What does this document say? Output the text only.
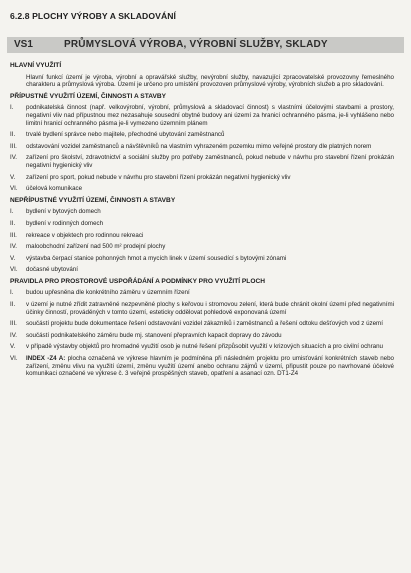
6.2.8 PLOCHY VÝROBY A SKLADOVÁNÍ
VS1	PRŮMYSLOVÁ VÝROBA, VÝROBNÍ SLUŽBY, SKLADY
HLAVNÍ VYUŽITÍ
Hlavní funkcí území je výroba, výrobní a opravářské služby, nevýrobní služby, navazující zpracovatelské provozovny řemeslného charakteru a průmyslová výroba. Území je určeno pro umístění provozoven průmyslové výroby, výrobních služeb a pro skladování.
PŘÍPUSTNÉ VYUŽITÍ ÚZEMÍ, ČINNOSTI A STAVBY
I.	podnikatelská činnost (např. velkovýrobní, výrobní, průmyslová a skladovací činnost) s vlastními účelovými stavbami a prostory, negativní vliv nad přípustnou mez nezasahuje sousední obytné budovy ani území za hranicí ochranného pásma, je-li vyhlášeno nebo limitní hranicí ochranného pásma je-li vymezeno územním plánem
II.	trvalé bydlení správce nebo majitele, přechodné ubytování zaměstnanců
III.	odstavování vozidel zaměstnanců a návštěvníků na vlastním vyhrazeném pozemku mimo veřejné prostory dle platných norem
IV.	zařízení pro školství, zdravotnictví a sociální služby pro potřeby zaměstnanců, pokud nebude v návrhu pro stavební řízení prokázán negativní hygienický vliv
V.	zařízení pro sport, pokud nebude v návrhu pro stavební řízení prokázán negativní hygienický vliv
VI.	účelová komunikace
NEPŘÍPUSTNÉ VYUŽITÍ ÚZEMÍ, ČINNOSTI A STAVBY
I.	bydlení v bytových domech
II.	bydlení v rodinných domech
III.	rekreace v objektech pro rodinnou rekreaci
IV.	maloobchodní zařízení nad 500 m² prodejní plochy
V.	výstavba čerpací stanice pohonných hmot a mycích linek v území sousedící s bytovými zónami
VI.	dočasné ubytování
PRAVIDLA PRO PROSTOROVÉ USPOŘÁDÁNÍ A PODMÍNKY PRO VYUŽITÍ PLOCH
I.	budou upřesněna dle konkrétního záměru v územním řízení
II.	v území je nutné zřídit zatravněné nezpevněné plochy s keřovou i stromovou zelení, která bude chránit okolní území před negativními účinky činností, prováděných v tomto území, esteticky oddělovat pohledově exponovaná území
III.	součástí projektu bude dokumentace řešení odstavování vozidel zákazníků i zaměstnanců a řešení odtoku dešťových vod z území
IV.	součástí podnikatelského záměru bude mj. stanovení přepravních kapacit dopravy do závodu
V.	v případě výstavby objektů pro hromadné využití osob je nutné řešení přizpůsobit využití v krizových situacích a pro civilní ochranu
VI.	INDEX -Z4 A: plocha označená ve výkrese hlavním je podmíněna při následném projektu pro umisťování konkrétních staveb nebo zařízení, změnu vlivu na využití území, změnu využití území anebo ochranu zájmů v území, připustit pouze po navrhované účelové komunikaci označené ve výkrese č. 3 veřejně prospěšných staveb, opatření a asanací ozn. DT1-Z4
